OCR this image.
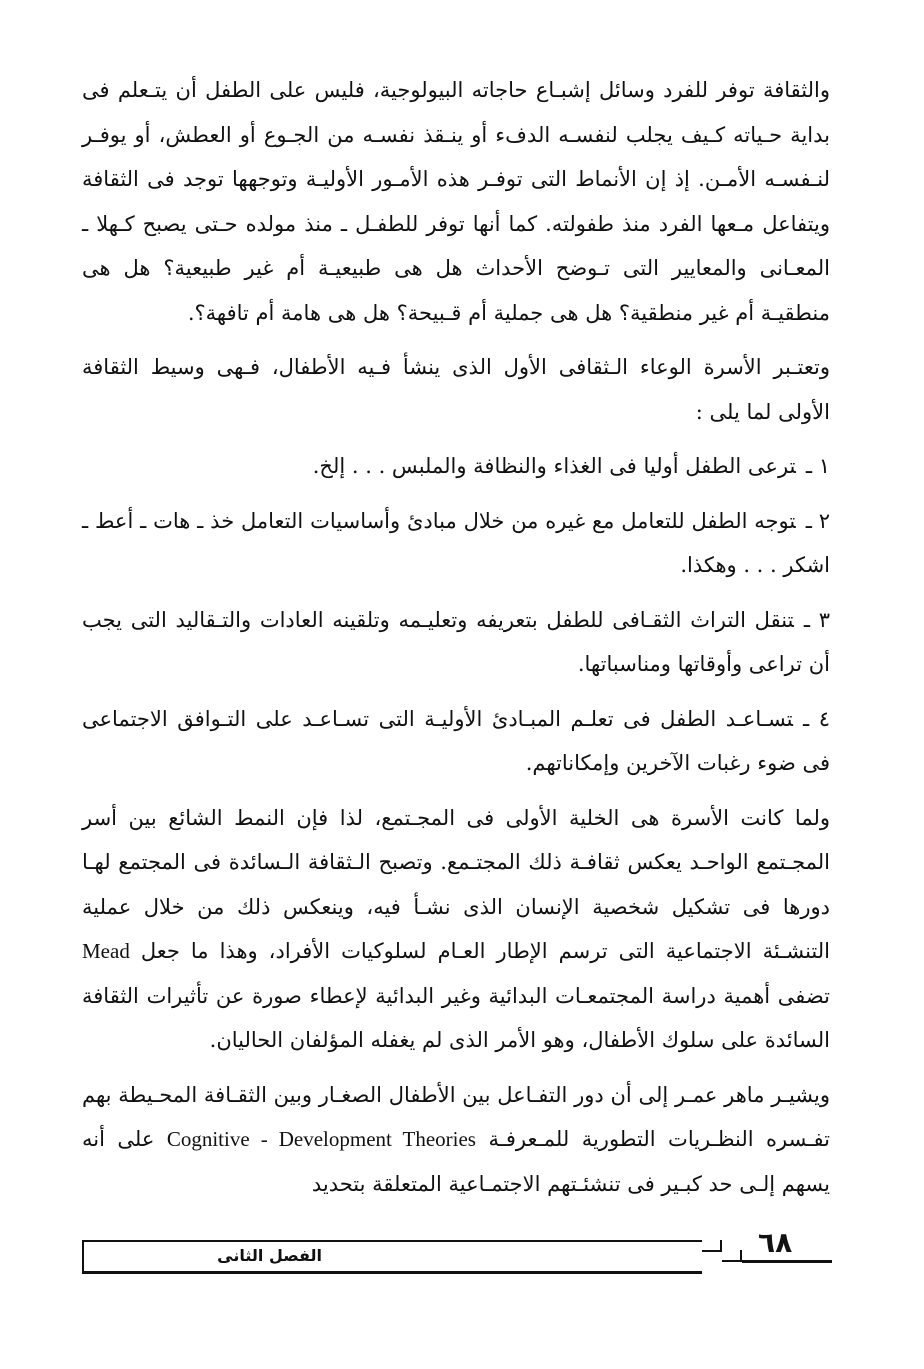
والثقافة توفر للفرد وسائل إشبـاع حاجاته البيولوجية، فليس على الطفل أن يتـعلم فى بداية حـياته كـيف يجلب لنفسـه الدفء أو ينـقذ نفسـه من الجـوع أو العطش، أو يوفـر لنـفسـه الأمـن. إذ إن الأنماط التى توفـر هذه الأمـور الأوليـة وتوجهها توجد فى الثقافة ويتفاعل مـعها الفرد منذ طفولته. كما أنها توفر للطفـل ـ منذ مولده حـتى يصبح كـهلا ـ المعـانى والمعايير التى تـوضح الأحداث هل هى طبيعيـة أم غير طبيعية؟ هل هى منطقيـة أم غير منطقية؟ هل هى جملية أم قـبيحة؟ هل هى هامة أم تافهة؟.

وتعتـبر الأسرة الوعاء الـثقافى الأول الذى ينشأ فـيه الأطفال، فـهى وسيط الثقافة الأولى لما يلى :

١ ـترعى الطفل أوليا فى الغذاء والنظافة والملبس . . . إلخ.
٢ ـتوجه الطفل للتعامل مع غيره من خلال مبادئ وأساسيات التعامل خذ ـ هات ـ أعط ـ اشكر . . . وهكذا.
٣ ـتنقل التراث الثقـافى للطفل بتعريفه وتعليـمه وتلقينه العادات والتـقاليد التى يجب أن تراعى وأوقاتها ومناسباتها.
٤ ـتسـاعـد الطفل فى تعلـم المبـادئ الأوليـة التى تسـاعـد على التـوافق الاجتماعى فى ضوء رغبات الآخرين وإمكاناتهم.

ولما كانت الأسرة هى الخلية الأولى فى المجـتمع، لذا فإن النمط الشائع بين أسر المجـتمع الواحـد يعكس ثقافـة ذلك المجتـمع. وتصبح الـثقافة الـسائدة فى المجتمع لهـا دورها فى تشكيل شخصية الإنسان الذى نشـأ فيه، وينعكس ذلك من خلال عملية التنشـئة الاجتماعية التى ترسم الإطار العـام لسلوكيات الأفراد، وهذا ما جعل Mead تضفى أهمية دراسة المجتمعـات البدائية وغير البدائية لإعطاء صورة عن تأثيرات الثقافة السائدة على سلوك الأطفال، وهو الأمر الذى لم يغفله المؤلفان الحاليان.

ويشيـر ماهر عمـر إلى أن دور التفـاعل بين الأطفال الصغـار وبين الثقـافة المحـيطة بهم تفـسره النظـريات التطورية للمـعرفـة Cognitive - Development Theories على أنه يسهم إلـى حد كبـير فى تنشئـتهم الاجتمـاعية المتعلقة بتحديد

الفصل الثانى	٦٨
